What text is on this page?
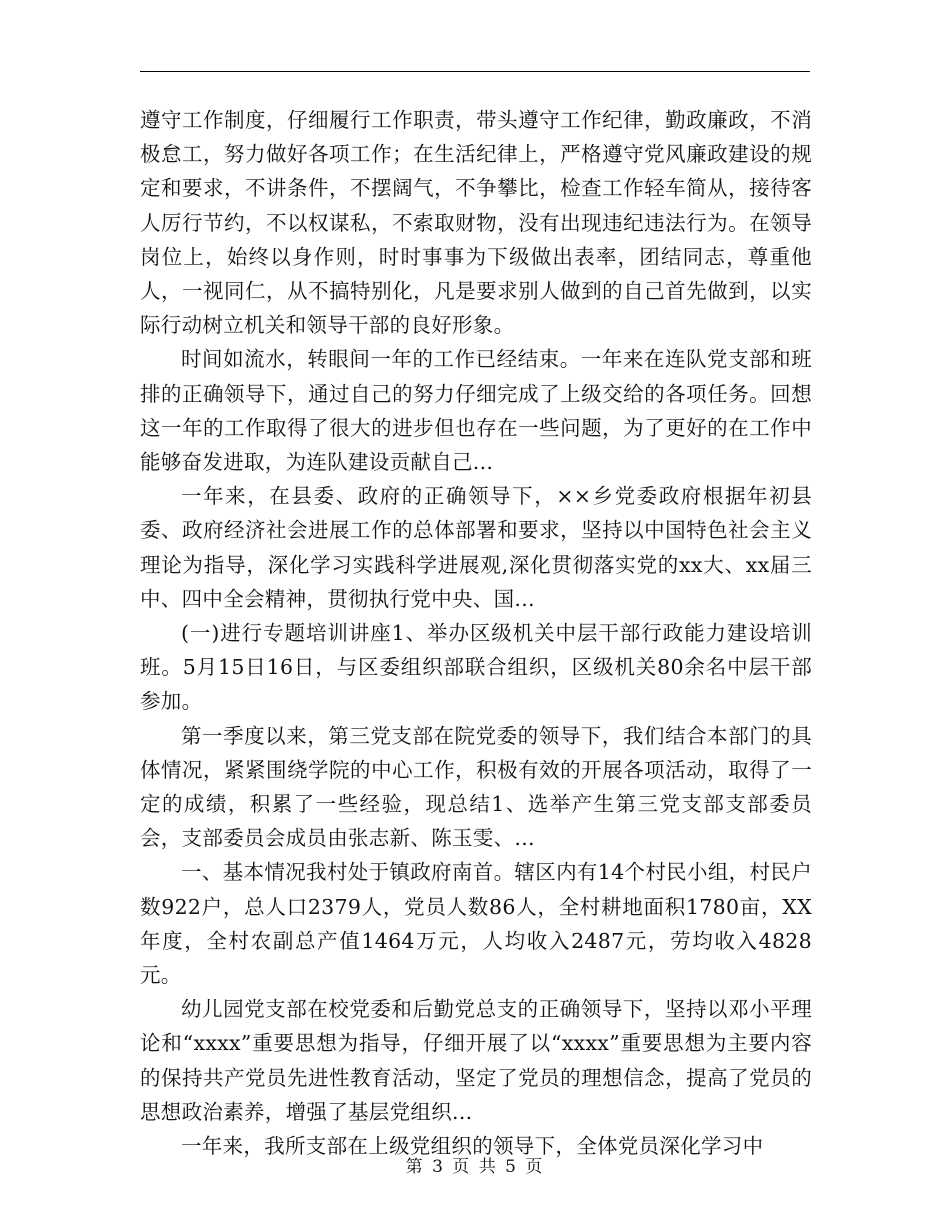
遵守工作制度，仔细履行工作职责，带头遵守工作纪律，勤政廉政，不消极怠工，努力做好各项工作；在生活纪律上，严格遵守党风廉政建设的规定和要求，不讲条件，不摆阔气，不争攀比，检查工作轻车简从，接待客人厉行节约，不以权谋私，不索取财物，没有出现违纪违法行为。在领导岗位上，始终以身作则，时时事事为下级做出表率，团结同志，尊重他人，一视同仁，从不搞特别化，凡是要求别人做到的自己首先做到，以实际行动树立机关和领导干部的良好形象。

时间如流水，转眼间一年的工作已经结束。一年来在连队党支部和班排的正确领导下，通过自己的努力仔细完成了上级交给的各项任务。回想这一年的工作取得了很大的进步但也存在一些问题，为了更好的在工作中能够奋发进取，为连队建设贡献自己...

一年来，在县委、政府的正确领导下，××乡党委政府根据年初县委、政府经济社会进展工作的总体部署和要求，坚持以中国特色社会主义理论为指导，深化学习实践科学进展观,深化贯彻落实党的xx大、xx届三中、四中全会精神，贯彻执行党中央、国...

(一)进行专题培训讲座1、举办区级机关中层干部行政能力建设培训班。5月15日16日，与区委组织部联合组织，区级机关80余名中层干部参加。

第一季度以来，第三党支部在院党委的领导下，我们结合本部门的具体情况，紧紧围绕学院的中心工作，积极有效的开展各项活动，取得了一定的成绩，积累了一些经验，现总结1、选举产生第三党支部支部委员会，支部委员会成员由张志新、陈玉雯、...

一、基本情况我村处于镇政府南首。辖区内有14个村民小组，村民户数922户，总人口2379人，党员人数86人，全村耕地面积1780亩，XX年度，全村农副总产值1464万元，人均收入2487元，劳均收入4828元。

幼儿园党支部在校党委和后勤党总支的正确领导下，坚持以邓小平理论和“xxxx”重要思想为指导，仔细开展了以“xxxx”重要思想为主要内容的保持共产党员先进性教育活动，坚定了党员的理想信念，提高了党员的思想政治素养，增强了基层党组织...

一年来，我所支部在上级党组织的领导下，全体党员深化学习中

第 3 页 共 5 页
